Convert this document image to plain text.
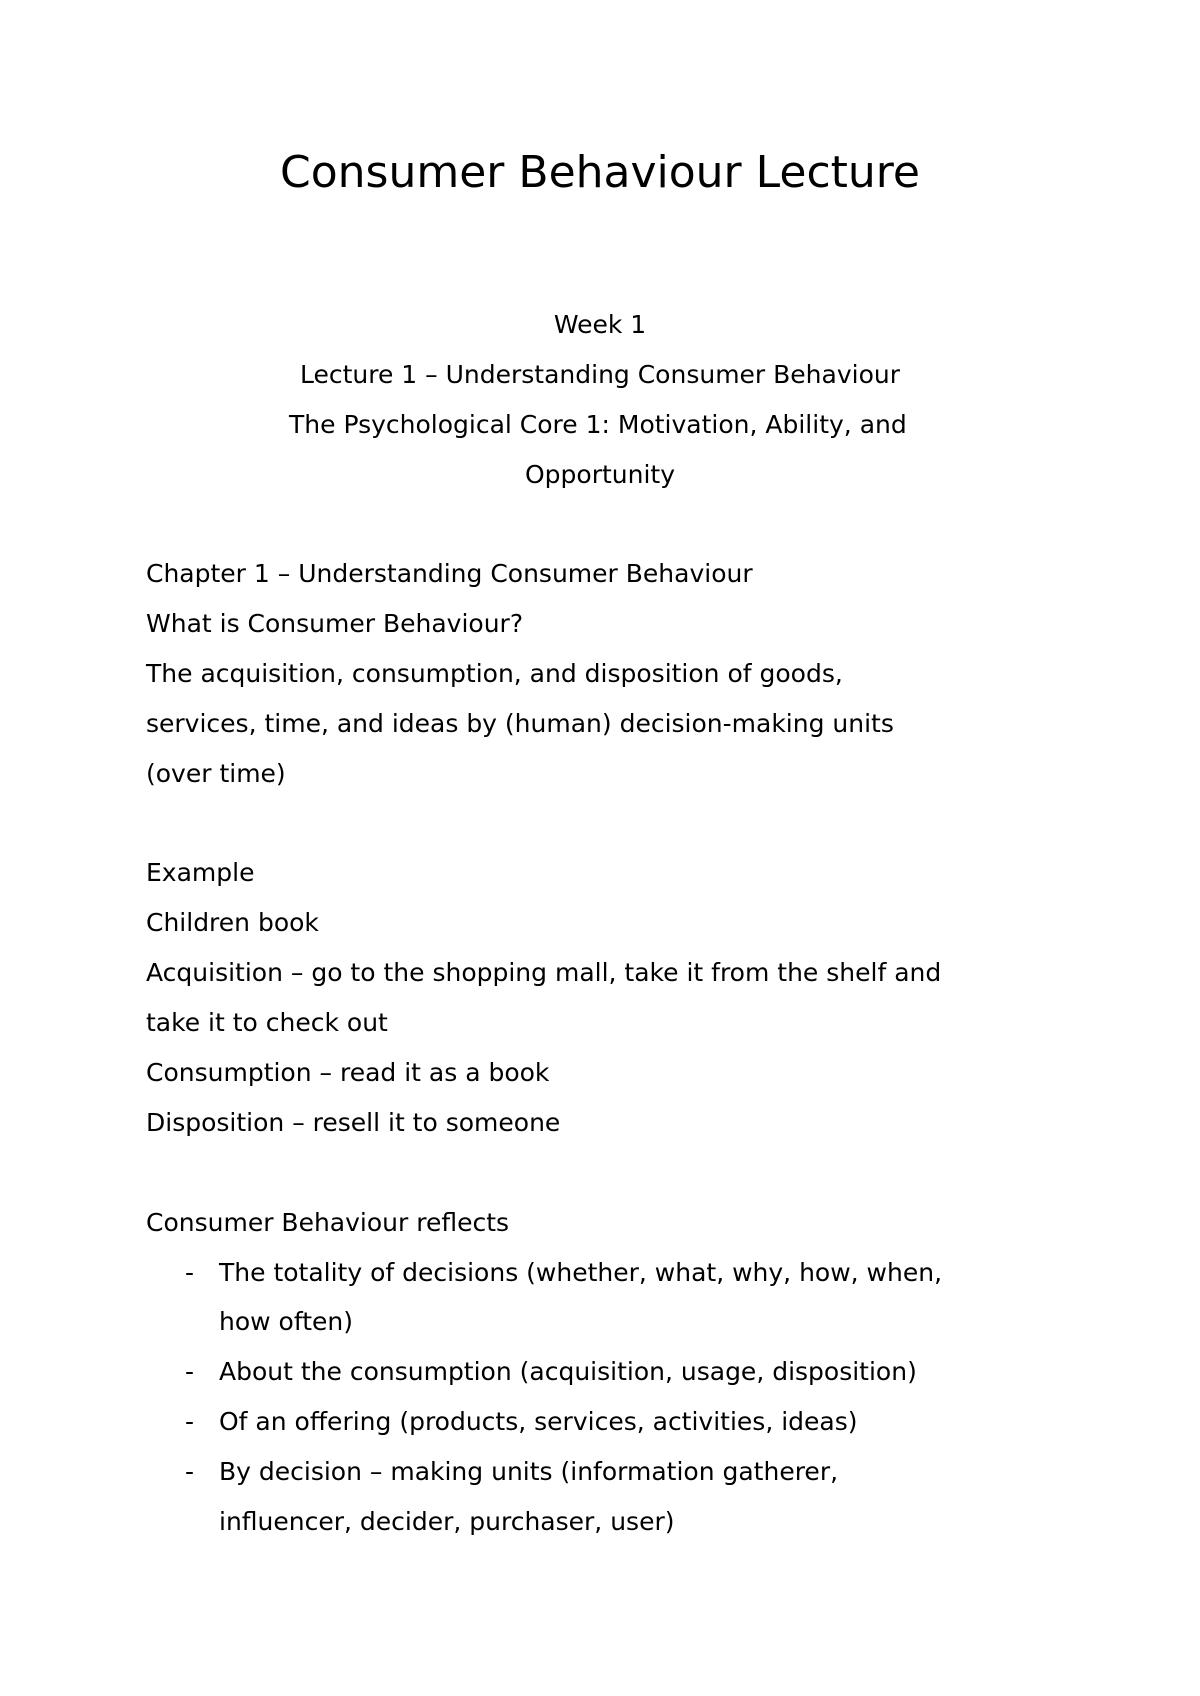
Consumer Behaviour Lecture
Week 1
Lecture 1 – Understanding Consumer Behaviour
The Psychological Core 1: Motivation, Ability, and
Opportunity
Chapter 1 – Understanding Consumer Behaviour
What is Consumer Behaviour?
The acquisition, consumption, and disposition of goods,
services, time, and ideas by (human) decision-making units
(over time)
Example
Children book
Acquisition – go to the shopping mall, take it from the shelf and
take it to check out
Consumption – read it as a book
Disposition – resell it to someone
Consumer Behaviour reflects
- The totality of decisions (whether, what, why, how, when,
how often)
- About the consumption (acquisition, usage, disposition)
- Of an offering (products, services, activities, ideas)
- By decision – making units (information gatherer,
influencer, decider, purchaser, user)
